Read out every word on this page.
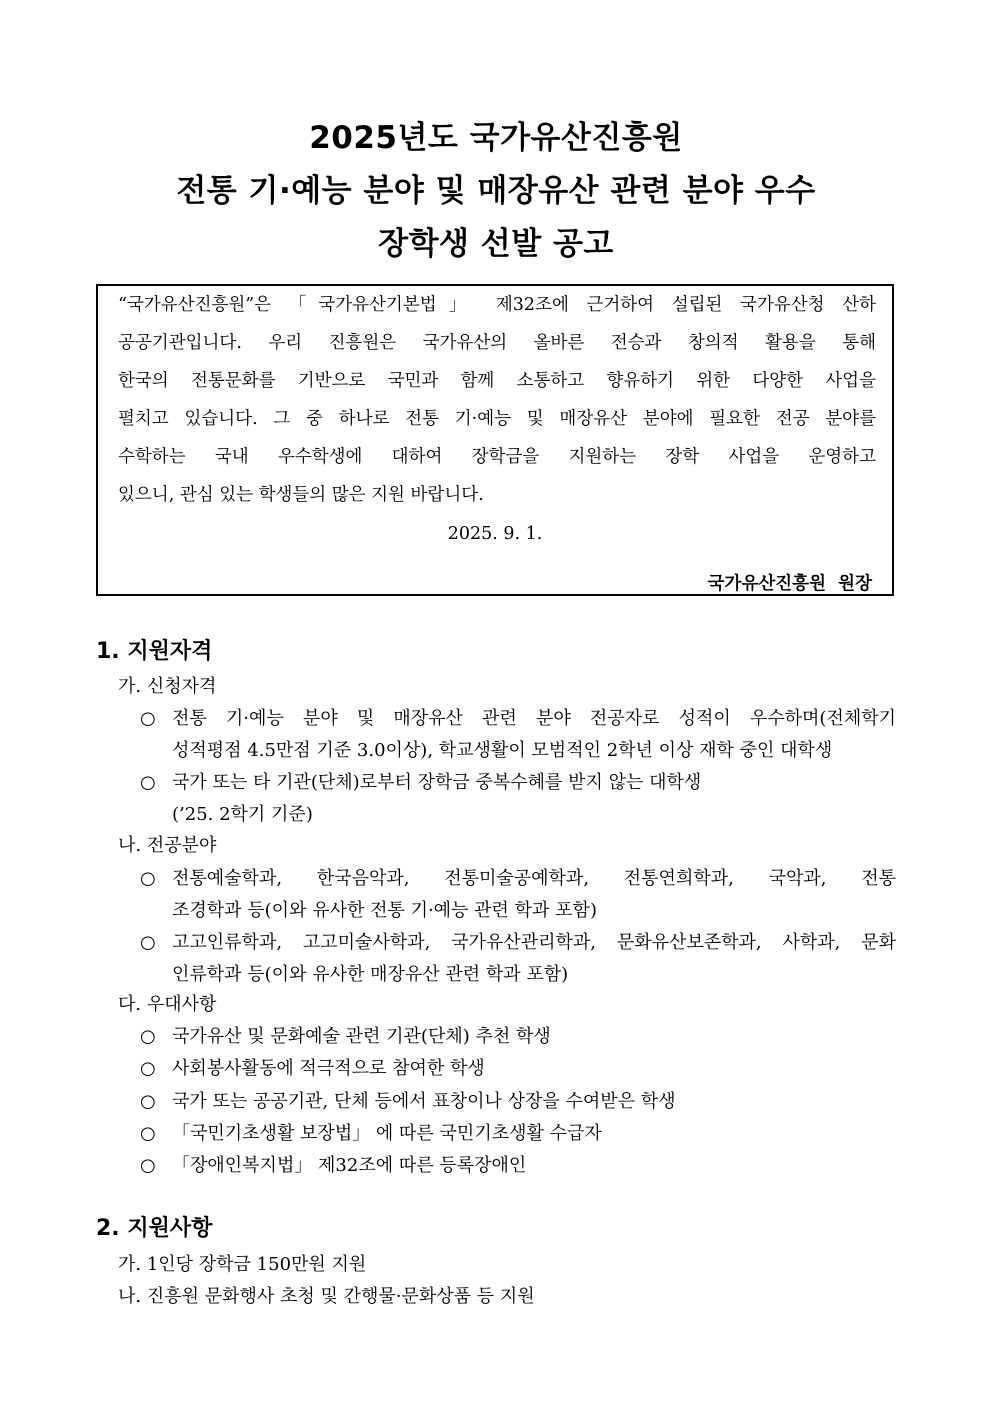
2025년도 국가유산진흥원
전통 기·예능 분야 및 매장유산 관련 분야 우수
장학생 선발 공고
“국가유산진흥원”은 「국가유산기본법」 제32조에 근거하여 설립된 국가유산청 산하
공공기관입니다. 우리 진흥원은 국가유산의 올바른 전승과 창의적 활용을 통해
한국의 전통문화를 기반으로 국민과 함께 소통하고 향유하기 위한 다양한 사업을
펼치고 있습니다. 그 중 하나로 전통 기·예능 및 매장유산 분야에 필요한 전공 분야를
수학하는 국내 우수학생에 대하여 장학금을 지원하는 장학 사업을 운영하고
있으니, 관심 있는 학생들의 많은 지원 바랍니다.
2025. 9. 1.
국가유산진흥원  원장
1. 지원자격
가. 신청자격
○ 전통 기·예능 분야 및 매장유산 관련 분야 전공자로 성적이 우수하며(전체학기
성적평점 4.5만점 기준 3.0이상), 학교생활이 모범적인 2학년 이상 재학 중인 대학생
○ 국가 또는 타 기관(단체)로부터 장학금 중복수혜를 받지 않는 대학생
(’25. 2학기 기준)
나. 전공분야
○ 전통예술학과, 한국음악과, 전통미술공예학과, 전통연희학과, 국악과, 전통
조경학과 등(이와 유사한 전통 기·예능 관련 학과 포함)
○ 고고인류학과, 고고미술사학과, 국가유산관리학과, 문화유산보존학과, 사학과, 문화
인류학과 등(이와 유사한 매장유산 관련 학과 포함)
다. 우대사항
○ 국가유산 및 문화예술 관련 기관(단체) 추천 학생
○ 사회봉사활동에 적극적으로 참여한 학생
○ 국가 또는 공공기관, 단체 등에서 표창이나 상장을 수여받은 학생
○ 「국민기초생활 보장법」 에 따른 국민기초생활 수급자
○ 「장애인복지법」 제32조에 따른 등록장애인
2. 지원사항
가. 1인당 장학금 150만원 지원
나. 진흥원 문화행사 초청 및 간행물·문화상품 등 지원
